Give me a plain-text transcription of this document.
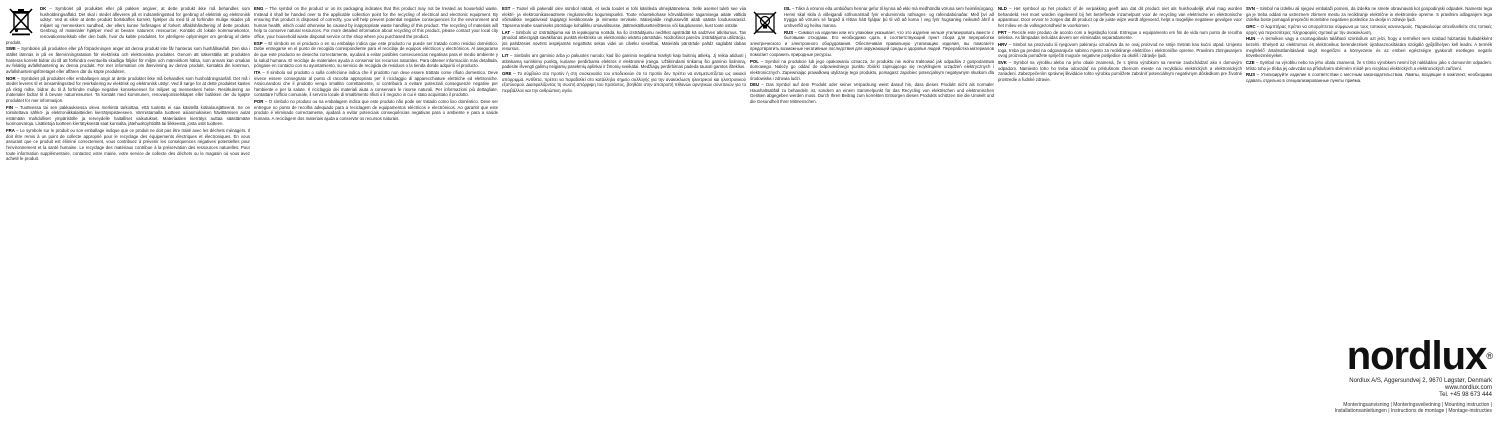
DK – Symbolet på produktet eller på pakken angiver, at dette produkt ikke må behandles som husholdningsaffald. Det skal i stedet afleveres på et indsamlingssted for genbrug af elektrisk og elektronisk udstyr. Ved at sikre at dette produkt bortskaffes korrekt, hjælper du med til at forhindre mulige skader på miljøet og menneskers sundhed, der ellers kunne forårsages af forkert affaldshåndtering af dette produkt. Genbrug af materialer hjælper med at bevare naturens ressourcer. Kontakt dit lokale kommunekontor, renovationsselskab eller den butik, hvor du købte produktet, for yderligere oplysninger om genbrug af dette produkt.

SWE – Symbolen på produkten eller på förpackningen anger att denna produkt inte får hanteras som hushållsavfall. Den ska i stället lämnas in på en återvinningsstation för elektriska och elektroniska produkter. Genom att säkerställa att produkten hanteras korrekt bidrar du till att förhindra eventuella skadliga följder för miljön och människors hälsa, som annars kan orsakas av felaktig avfallshantering av denna produkt. För mer information om återvinning av denna produkt, kontakta din kommun, avfallshanteringsföretaget eller affären där du köpte produkten.

NOR – Symbolet på produktet eller emballasjen angir at dette produktet ikke må behandles som husholdningsavfall. Det må i stedet leveres til et innsamlingssted for resirkulering av elektrisk og elektronisk utstyr. Ved å sørge for at dette produktet kastes på riktig måte, bidrar du til å forhindre mulige negative konsekvenser for miljøet og menneskers helse. Resirkulering av materialer bidrar til å bevare naturressurser. Ta kontakt med kommunen, renovasjonsselskapet eller butikken der du kjøpte produktet for mer informasjon.

FIN – Tuotteessa tai sen pakkauksessa oleva merkintä tarkoittaa, että tuotetta ei saa käsitellä kotitalousjätteenä. Se on toimitettava sähkö- ja elektroniikkalaitteiden kierrätyspisteeseen. Varmistamalla tuotteen asianmukaisen hävittämisen autat estämään mahdolliset ympäristölle ja terveydelle haitalliset vaikutukset. Materiaalien kierrätys auttaa säästämään luonnonvaroja. Lisätietoja tuotteen kierrätyksestä saat kunnalta, jätehuoltoyhtiöltä tai liikkeestä, josta ostit tuotteen.

FRA – Le symbole sur le produit ou son emballage indique que ce produit ne doit pas être traité avec les déchets ménagers. Il doit être remis à un point de collecte approprié pour le recyclage des équipements électriques et électroniques. En vous assurant que ce produit est éliminé correctement, vous contribuez à prévenir les conséquences négatives potentielles pour l'environnement et la santé humaine. Le recyclage des matériaux contribue à la préservation des ressources naturelles. Pour toute information supplémentaire, contactez votre mairie, votre service de collecte des déchets ou le magasin où vous avez acheté le produit.

ENG – The symbol on the product or on its packaging indicates that this product may not be treated as household waste. Instead it shall be handed over to the applicable collection point for the recycling of electrical and electronic equipment. By ensuring this product is disposed of correctly, you will help prevent potential negative consequences for the environment and human health, which could otherwise be caused by inappropriate waste handling of this product. The recycling of materials will help to conserve natural resources. For more detailed information about recycling of this product, please contact your local city office, your household waste disposal service or the shop where you purchased the product.

ESP – El símbolo en el producto o en su embalaje indica que este producto no puede ser tratado como residuo doméstico. Debe entregarse en el punto de recogida correspondiente para el reciclaje de equipos eléctricos y electrónicos. Al asegurarse de que este producto se desecha correctamente, ayudará a evitar posibles consecuencias negativas para el medio ambiente y la salud humana. El reciclaje de materiales ayuda a conservar los recursos naturales. Para obtener información más detallada, póngase en contacto con su ayuntamiento, su servicio de recogida de residuos o la tienda donde adquirió el producto.

ITA – Il simbolo sul prodotto o sulla confezione indica che il prodotto non deve essere trattato come rifiuto domestico. Deve invece essere consegnato al punto di raccolta appropriato per il riciclaggio di apparecchiature elettriche ed elettroniche. Assicurandosi che il prodotto venga smaltito correttamente, si contribuirà a evitare potenziali conseguenze negative per l'ambiente e per la salute. Il riciclaggio dei materiali aiuta a conservare le risorse naturali. Per informazioni più dettagliate, contattare l'ufficio comunale, il servizio locale di smaltimento rifiuti o il negozio in cui è stato acquistato il prodotto.

POR – O símbolo no produto ou na embalagem indica que este produto não pode ser tratado como lixo doméstico. Deve ser entregue no ponto de recolha adequado para a reciclagem de equipamentos eléctricos e electrónicos. Ao garantir que este produto é eliminado correctamente, ajudará a evitar potenciais consequências negativas para o ambiente e para a saúde humana. A reciclagem dos materiais ajuda a conservar os recursos naturais.

EST – Tootel või pakendil olev sümbol näitab, et seda toodet ei tohi käsitleda olmejäätmetena. Selle asemel tuleb see viia elektri- ja elektroonikaseadmete ringlussevõtu kogumispunkti. Toote nõuetekohase kõrvaldamise tagamisega aitate vältida võimalikke negatiivseid tagajärgi keskkonnale ja inimeste tervisele. Materjalide ringlussevõtt aitab säästa loodusvarasid. Täpsema teabe saamiseks pöörduge kohalikku omavalitsusse, jäätmekäitlusettevõttesse või kauplusesse, kust toote ostsite.

LAT – Simbols uz izstrādājuma vai tā iepakojuma norāda, ka šo izstrādājumu nedrīkst apstrādāt kā sadzīves atkritumus. Tas jānodod attiecīgajā savākšanas punktā elektrisko un elektronisko iekārtu pārstrādei. Nodrošinot pareizu izstrādājuma utilizāciju, jūs palīdzēsiet novērst iespējamās negatīvās sekas videi un cilvēku veselībai. Materiālu pārstrāde palīdz saglabāt dabas resursus.

LIT – Simbolis ant gaminio arba jo pakuotės nurodo, kad šio gaminio negalima tvarkyti kaip buitinių atliekų. Jį reikia atiduoti į atitinkamą surinkimo punktą, kuriame perdirbama elektros ir elektroninė įranga. Užtikrindami tinkamą šio gaminio šalinimą, padėsite išvengti galimų neigiamų pasekmių aplinkai ir žmonių sveikatai. Medžiagų perdirbimas padeda tausoti gamtos išteklius.

GRE – Το σύμβολο στο προϊόν ή στη συσκευασία του υποδεικνύει ότι το προϊόν δεν πρέπει να αντιμετωπίζεται ως οικιακό απόρριμμα. Αντίθετα, πρέπει να παραδοθεί στο κατάλληλο σημείο συλλογής για την ανακύκλωση ηλεκτρικού και ηλεκτρονικού εξοπλισμού. Διασφαλίζοντας τη σωστή απόρριψη του προϊόντος, βοηθάτε στην αποτροπή πιθανών αρνητικών συνεπειών για το περιβάλλον και την ανθρώπινη υγεία.

ISL – Tákn á vörunni eða umbúðum hennar gefur til kynna að ekki má meðhöndla vöruna sem heimilisúrgang. Henni skal skila á viðeigandi söfnunarstað fyrir endurvinnslu rafmagns- og rafeindabúnaðar. Með því að tryggja að vörunni sé fargað á réttan hátt hjálpar þú til við að koma í veg fyrir hugsanleg neikvæð áhrif á umhverfið og heilsu manna.

RUS – Символ на изделии или его упаковке указывает, что это изделие нельзя утилизировать вместе с бытовыми отходами. Его необходимо сдать в соответствующий пункт сбора для переработки электрического и электронного оборудования. Обеспечивая правильную утилизацию изделия, вы помогаете предотвратить возможные негативные последствия для окружающей среды и здоровья людей. Переработка материалов помогает сохранить природные ресурсы.

POL – Symbol na produkcie lub jego opakowaniu oznacza, że produktu nie wolno traktować jak odpadów z gospodarstwa domowego. Należy go oddać do odpowiedniego punktu zbiórki zajmującego się recyklingiem urządzeń elektrycznych i elektronicznych. Zapewniając prawidłową utylizację tego produktu, pomagasz zapobiec potencjalnym negatywnym skutkom dla środowiska i zdrowia ludzi.

DEU – Das Symbol auf dem Produkt oder seiner Verpackung weist darauf hin, dass dieses Produkt nicht als normaler Haushaltsabfall zu behandeln ist, sondern an einem Sammelpunkt für das Recycling von elektrischen und elektronischen Geräten abgegeben werden muss. Durch Ihren Beitrag zum korrekten Entsorgen dieses Produkts schützen Sie die Umwelt und die Gesundheit Ihrer Mitmenschen.

NLD – Het symbool op het product of de verpakking geeft aan dat dit product niet als huishoudelijk afval mag worden behandeld. Het moet worden ingeleverd bij het betreffende inzamelpunt voor de recycling van elektrische en elektronische apparatuur. Door ervoor te zorgen dat dit product op de juiste wijze wordt afgevoerd, helpt u mogelijke negatieve gevolgen voor het milieu en de volksgezondheid te voorkomen.

PRT – Recicle este produto de acordo com a legislação local. Entregue o equipamento em fim de vida num ponto de recolha seletiva. As lâmpadas incluídas devem ser eliminadas separadamente.

HRV – Simbol na proizvodu ili njegovom pakiranju označava da se ovaj proizvod ne smije tretirati kao kućni otpad. Umjesto toga, treba ga predati na odgovarajuće sabirno mjesto za recikliranje električne i elektroničke opreme. Pravilnim zbrinjavanjem ovog proizvoda pomažete spriječiti moguće negativne posljedice za okoliš i zdravlje ljudi.

SVK – Symbol na výrobku alebo na jeho obale znamená, že s týmto výrobkom sa nesmie zaobchádzať ako s domovým odpadom. Namiesto toho ho treba odovzdať na príslušnom zbernom mieste na recykláciu elektrických a elektronických zariadení. Zabezpečením správnej likvidácie tohto výrobku pomôžete zabrániť potenciálnym negatívnym dôsledkom pre životné prostredie a ľudské zdravie.

SVN – Simbol na izdelku ali njegovi embalaži pomeni, da izdelka ne smete obravnavati kot gospodinjski odpadek. Namesto tega ga je treba oddati na ustreznem zbirnem mestu za recikliranje električne in elektronske opreme. S pravilnim odlaganjem tega izdelka boste pomagali preprečiti morebitne negativne posledice za okolje in zdravje ljudi.

GRC – Ο λαμπτήρας πρέπει να απορρίπτεται σύμφωνα με τους τοπικούς κανονισμούς. Παρακαλούμε απευθυνθείτε στις τοπικές αρχές για περισσότερες πληροφορίες σχετικά με την ανακύκλωση.

HUN – A terméken vagy a csomagolásán található szimbólum azt jelzi, hogy a terméket nem szabad háztartási hulladékként kezelni. Ehelyett az elektromos és elektronikus berendezések újrahasznosítására szolgáló gyűjtőhelyen kell leadni. A termék megfelelő ártalmatlanításával segít megelőzni a környezetre és az emberi egészségre gyakorolt esetleges negatív következményeket.

CZE – Symbol na výrobku nebo na jeho obalu znamená, že s tímto výrobkem nesmí být nakládáno jako s domovním odpadem. Místo toho je třeba jej odevzdat na příslušném sběrném místě pro recyklaci elektrických a elektronických zařízení.

RUS – Утилизируйте изделие в соответствии с местным законодательством. Лампы, входящие в комплект, необходимо сдавать отдельно в специализированные пункты приёма.

nordlux®
Nordlux A/S, Aggersundvej 2, 9670 Løgstør, Denmark
www.nordlux.com
Tel. +45 98 673 444
Monteringsanvisning | Monteringsveiledning | Mounting instruction | Installationsanleitungen | Instructions de montage | Montage-instructies
